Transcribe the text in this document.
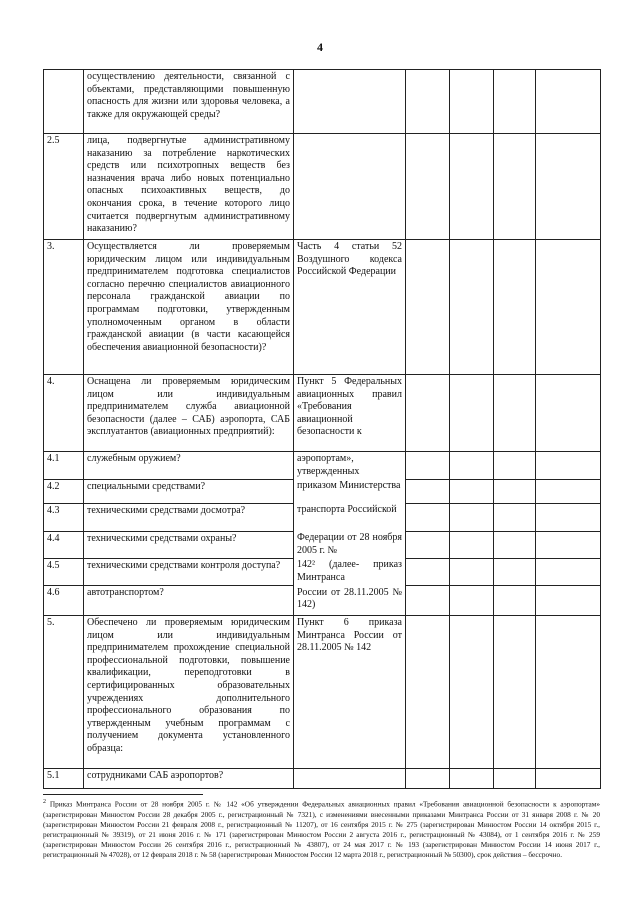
4
	осуществлению деятельности, связанной с объектами, представляющими повышенную опасность для жизни или здоровья человека, а также для окружающей среды?					
2.5	лица, подвергнутые административному наказанию за потребление наркотических средств или психотропных веществ без назначения врача либо новых потенциально опасных психоактивных веществ, до окончания срока, в течение которого лицо считается подвергнутым административному наказанию?					
3.	Осуществляется ли проверяемым юридическим лицом или индивидуальным предпринимателем подготовка специалистов согласно перечню специалистов авиационного персонала гражданской авиации по программам подготовки, утвержденным уполномоченным органом в области гражданской авиации (в части касающейся обеспечения авиационной безопасности)?	Часть 4 статьи 52 Воздушного кодекса Российской Федерации				
4.	Оснащена ли проверяемым юридическим лицом или индивидуальным предпринимателем служба авиационной безопасности (далее – САБ) аэропорта, САБ эксплуатантов (авиационных предприятий):	Пункт 5 Федеральных авиационных правил «Требования авиационной безопасности к				
4.1	служебным оружием?	аэропортам», утвержденных				
4.2	специальными средствами?	приказом Министерства				
4.3	техническими средствами досмотра?	транспорта Российской				
4.4	техническими средствами охраны?	Федерации от 28 ноября 2005 г. №				
4.5	техническими средствами контроля доступа?	142² (далее- приказ Минтранса				
4.6	автотранспортом?	России от 28.11.2005 № 142)				
5.	Обеспечено ли проверяемым юридическим лицом или индивидуальным предпринимателем прохождение специальной профессиональной подготовки, повышение квалификации, переподготовки в сертифицированных образовательных учреждениях дополнительного профессионального образования по утвержденным учебным программам с получением документа установленного образца:	Пункт 6 приказа Минтранса России от 28.11.2005 № 142				
5.1	сотрудниками САБ аэропортов?					
$^2$ Приказ Минтранса России от 28 ноября 2005 г. № 142 «Об утверждении Федеральных авиационных правил «Требования авиационной безопасности к аэропортам» (зарегистрирован Минюстом России 28 декабря 2005 г., регистрационный № 7321), с изменениями внесенными приказами Минтранса России от 31 января 2008 г. № 20 (зарегистрирован Минюстом России 21 февраля 2008 г., регистрационный № 11207), от 16 сентября 2015 г. № 275 (зарегистрирован Минюстом России 14 октября 2015 г., регистрационный № 39319), от 21 июня 2016 г. № 171 (зарегистрирован Минюстом России 2 августа 2016 г., регистрационный № 43084), от 1 сентября 2016 г. № 259 (зарегистрирован Минюстом России 26 сентября 2016 г., регистрационный № 43807), от 24 мая 2017 г. № 193 (зарегистрирован Минюстом России 14 июня 2017 г., регистрационный № 47028), от 12 февраля 2018 г. № 58 (зарегистрирован Минюстом России 12 марта 2018 г., регистрационный № 50300), срок действия – бессрочно.
